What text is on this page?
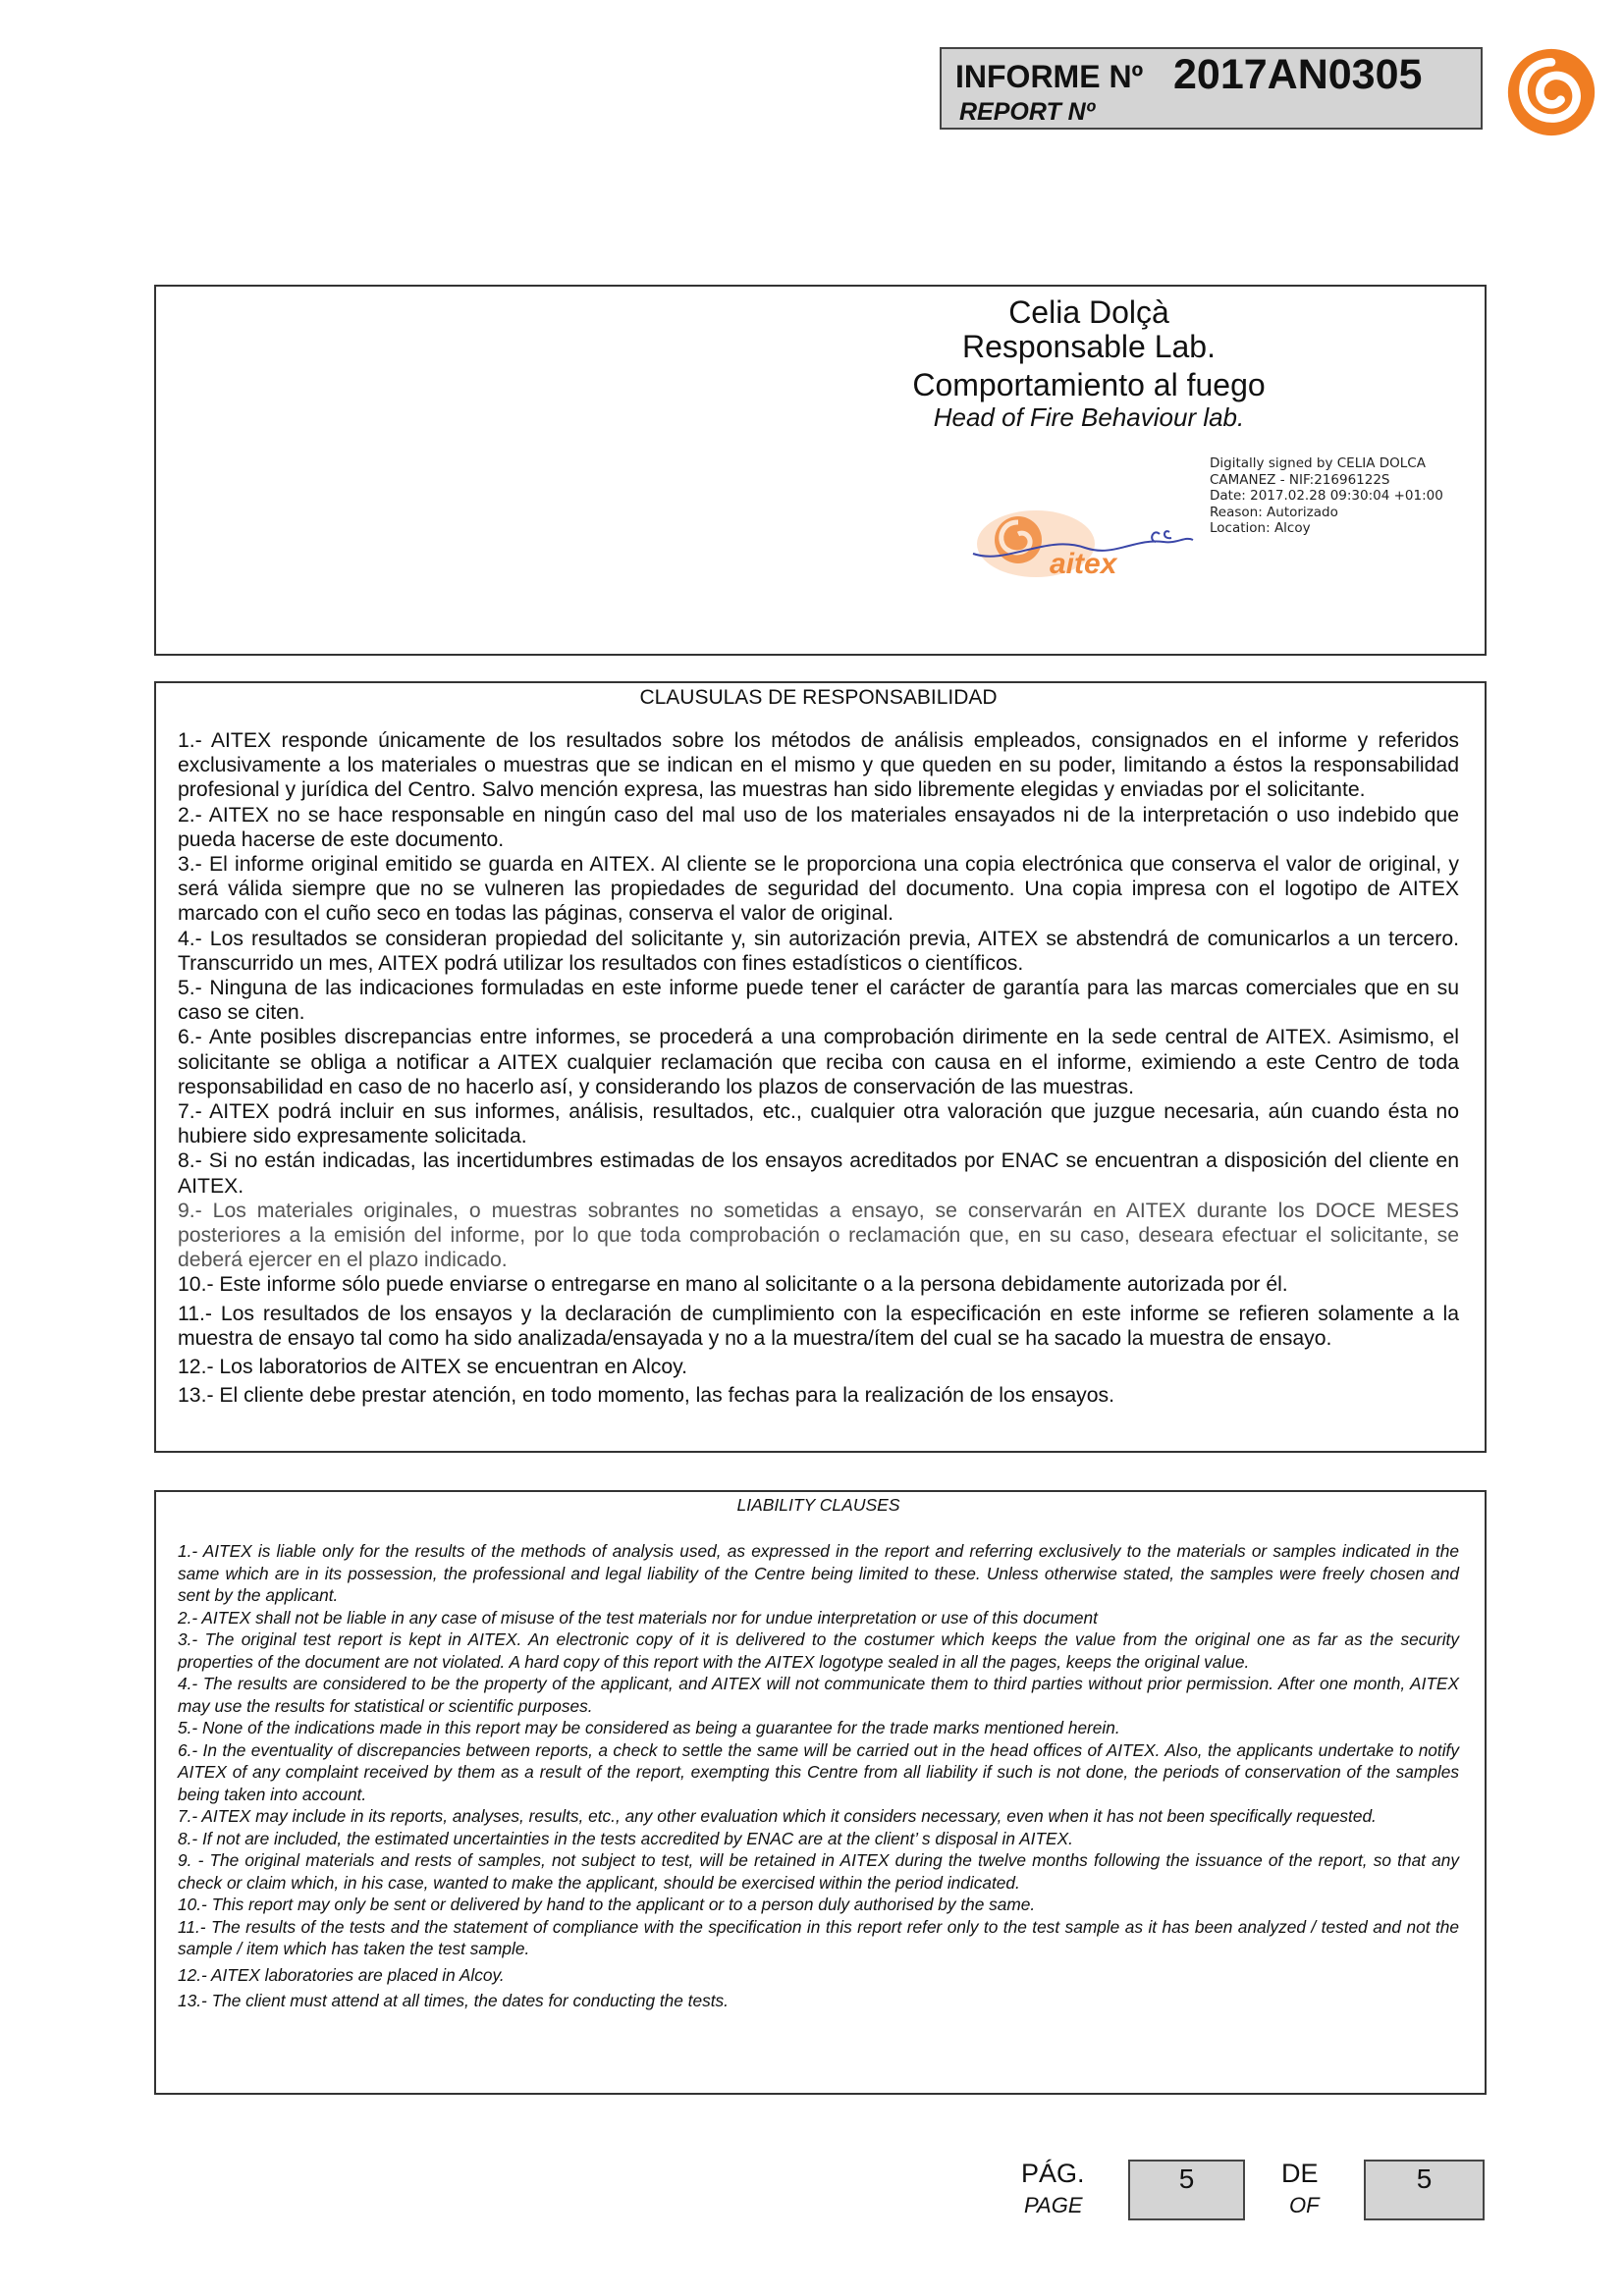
INFORME Nº 2017AN0305
REPORT Nº
Celia Dolçà
Responsable Lab. Comportamiento al fuego
Head of Fire Behaviour lab.
aitex
Digitally signed by CELIA DOLCA
CAMANEZ - NIF:21696122S
Date: 2017.02.28 09:30:04 +01:00
Reason: Autorizado
Location: Alcoy
CLAUSULAS DE RESPONSABILIDAD

1.- AITEX responde únicamente de los resultados sobre los métodos de análisis empleados, consignados en el informe y referidos exclusivamente a los materiales o muestras que se indican en el mismo y que queden en su poder, limitando a éstos la responsabilidad profesional y jurídica del Centro. Salvo mención expresa, las muestras han sido libremente elegidas y enviadas por el solicitante.

2.- AITEX no se hace responsable en ningún caso del mal uso de los materiales ensayados ni de la interpretación o uso indebido que pueda hacerse de este documento.

3.- El informe original emitido se guarda en AITEX. Al cliente se le proporciona una copia electrónica que conserva el valor de original, y será válida siempre que no se vulneren las propiedades de seguridad del documento. Una copia impresa con el logotipo de AITEX marcado con el cuño seco en todas las páginas, conserva el valor de original.

4.- Los resultados se consideran propiedad del solicitante y, sin autorización previa, AITEX se abstendrá de comunicarlos a un tercero. Transcurrido un mes, AITEX podrá utilizar los resultados con fines estadísticos o científicos.

5.- Ninguna de las indicaciones formuladas en este informe puede tener el carácter de garantía para las marcas comerciales que en su caso se citen.

6.- Ante posibles discrepancias entre informes, se procederá a una comprobación dirimente en la sede central de AITEX. Asimismo, el solicitante se obliga a notificar a AITEX cualquier reclamación que reciba con causa en el informe, eximiendo a este Centro de toda responsabilidad en caso de no hacerlo así, y considerando los plazos de conservación de las muestras.

7.- AITEX podrá incluir en sus informes, análisis, resultados, etc., cualquier otra valoración que juzgue necesaria, aún cuando ésta no hubiere sido expresamente solicitada.

8.- Si no están indicadas, las incertidumbres estimadas de los ensayos acreditados por ENAC se encuentran a disposición del cliente en AITEX.

9.- Los materiales originales, o muestras sobrantes no sometidas a ensayo, se conservarán en AITEX durante los DOCE MESES posteriores a la emisión del informe, por lo que toda comprobación o reclamación que, en su caso, deseara efectuar el solicitante, se deberá ejercer en el plazo indicado.

10.- Este informe sólo puede enviarse o entregarse en mano al solicitante o a la persona debidamente autorizada por él.

11.- Los resultados de los ensayos y la declaración de cumplimiento con la especificación en este informe se refieren solamente a la muestra de ensayo tal como ha sido analizada/ensayada y no a la muestra/ítem del cual se ha sacado la muestra de ensayo.

12.- Los laboratorios de AITEX se encuentran en Alcoy.

13.- El cliente debe prestar atención, en todo momento, las fechas para la realización de los ensayos.

LIABILITY CLAUSES

1.- AITEX is liable only for the results of the methods of analysis used, as expressed in the report and referring exclusively to the materials or samples indicated in the same which are in its possession, the professional and legal liability of the Centre being limited to these. Unless otherwise stated, the samples were freely chosen and sent by the applicant.

2.- AITEX shall not be liable in any case of misuse of the test materials nor for undue interpretation or use of this document

3.- The original test report is kept in AITEX. An electronic copy of it is delivered to the costumer which keeps the value from the original one as far as the security properties of the document are not violated. A hard copy of this report with the AITEX logotype sealed in all the pages, keeps the original value.

4.- The results are considered to be the property of the applicant, and AITEX will not communicate them to third parties without prior permission. After one month, AITEX may use the results for statistical or scientific purposes.

5.- None of the indications made in this report may be considered as being a guarantee for the trade marks mentioned herein.

6.- In the eventuality of discrepancies between reports, a check to settle the same will be carried out in the head offices of AITEX. Also, the applicants undertake to notify AITEX of any complaint received by them as a result of the report, exempting this Centre from all liability if such is not done, the periods of conservation of the samples being taken into account.

7.- AITEX may include in its reports, analyses, results, etc., any other evaluation which it considers necessary, even when it has not been specifically requested.

8.- If not are included, the estimated uncertainties in the tests accredited by ENAC are at the client’ s disposal in AITEX.

9. - The original materials and rests of samples, not subject to test, will be retained in AITEX during the twelve months following the issuance of the report, so that any check or claim which, in his case, wanted to make the applicant, should be exercised within the period indicated.

10.- This report may only be sent or delivered by hand to the applicant or to a person duly authorised by the same.

11.- The results of the tests and the statement of compliance with the specification in this report refer only to the test sample as it has been analyzed / tested and not the sample / item which has taken the test sample.

12.- AITEX laboratories are placed in Alcoy.

13.- The client must attend at all times, the dates for conducting the tests.

PÁG.
PAGE
5	DE
OF
5
